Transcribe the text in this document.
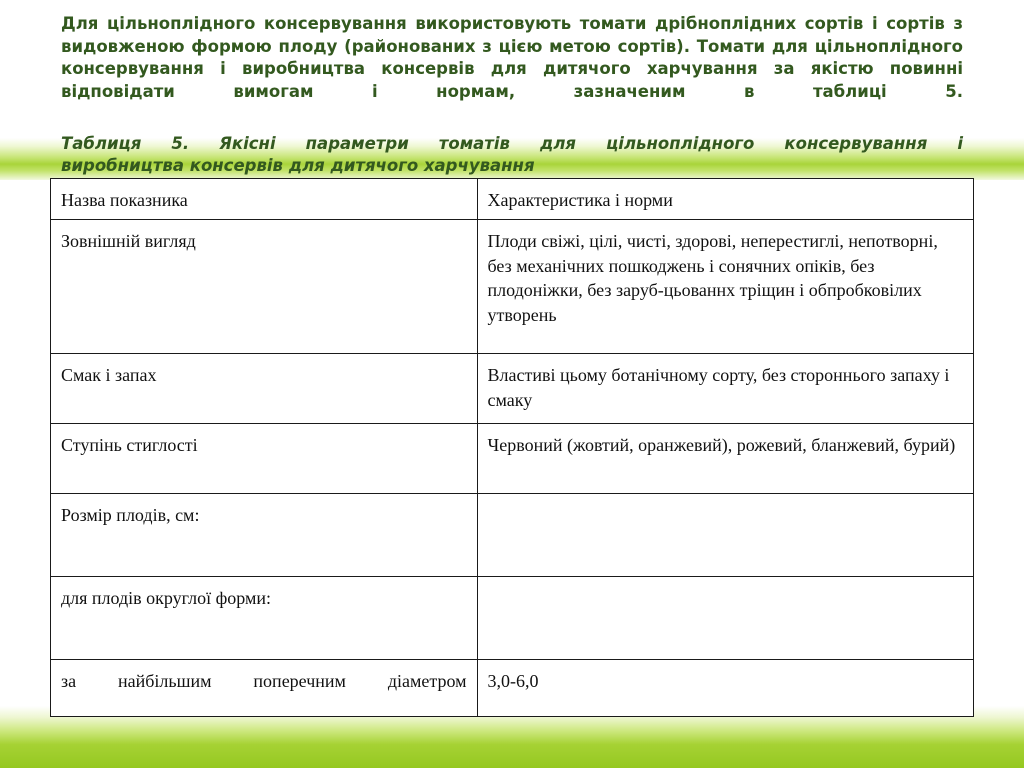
Для цільноплідного консервування використовують томати дрібноплідних сортів і сортів з видовженою формою плоду (районованих з цією метою сортів). Томати для цільноплідного консервування і виробництва консервів для дитячого харчування за якістю повинні відповідати вимогам і нормам, зазначеним в таблиці 5.

Таблиця 5. Якісні параметри томатів для цільноплідного консервування і
виробництва консервів для дитячого харчування

Назва показника	Характеристика і норми
Зовнішній вигляд	Плоди свіжі, цілі, чисті, здорові, неперестиглі, непотворні, без механічних пошкоджень і сонячних опіків, без плодоніжки, без заруб-цьованнх тріщин і обпробковілих утворень
Смак і запах	Властиві цьому ботанічному сорту, без стороннього запаху і смаку
Ступінь стиглості	Червоний (жовтий, оранжевий), рожевий, бланжевий, бурий)
Розмір плодів, см:	
для плодів округлої форми:	

за найбільшим поперечним діаметром	3,0-6,0
